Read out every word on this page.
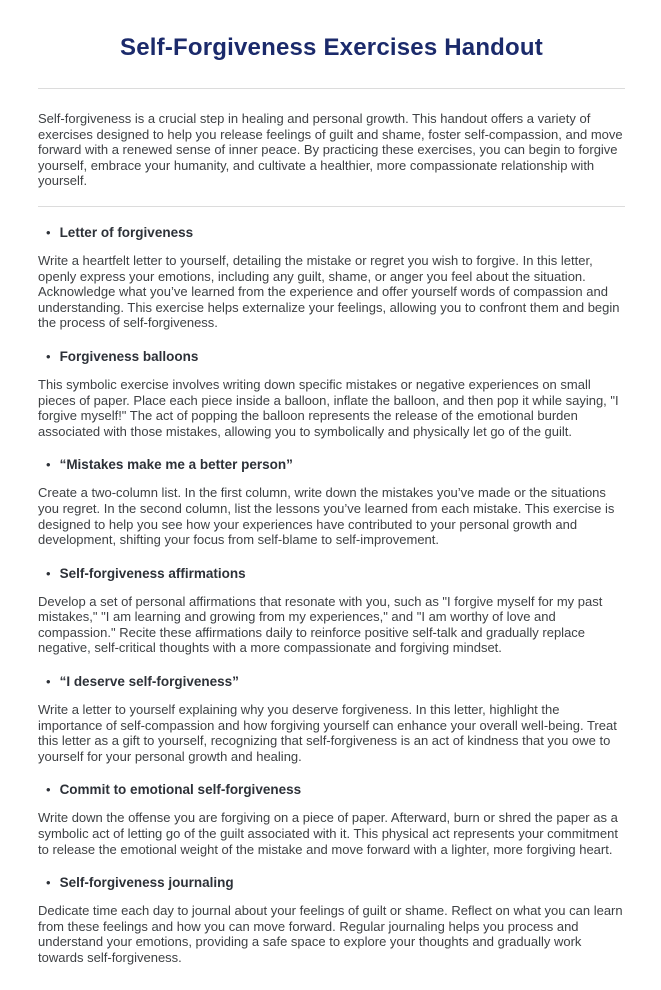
Self-Forgiveness Exercises Handout

Self-forgiveness is a crucial step in healing and personal growth. This handout offers a variety of exercises designed to help you release feelings of guilt and shame, foster self-compassion, and move forward with a renewed sense of inner peace. By practicing these exercises, you can begin to forgive yourself, embrace your humanity, and cultivate a healthier, more compassionate relationship with yourself.

• Letter of forgiveness

Write a heartfelt letter to yourself, detailing the mistake or regret you wish to forgive. In this letter, openly express your emotions, including any guilt, shame, or anger you feel about the situation. Acknowledge what you’ve learned from the experience and offer yourself words of compassion and understanding. This exercise helps externalize your feelings, allowing you to confront them and begin the process of self-forgiveness.

• Forgiveness balloons

This symbolic exercise involves writing down specific mistakes or negative experiences on small pieces of paper. Place each piece inside a balloon, inflate the balloon, and then pop it while saying, "I forgive myself!" The act of popping the balloon represents the release of the emotional burden associated with those mistakes, allowing you to symbolically and physically let go of the guilt.

• “Mistakes make me a better person”

Create a two-column list. In the first column, write down the mistakes you’ve made or the situations you regret. In the second column, list the lessons you’ve learned from each mistake. This exercise is designed to help you see how your experiences have contributed to your personal growth and development, shifting your focus from self-blame to self-improvement.

• Self-forgiveness affirmations

Develop a set of personal affirmations that resonate with you, such as "I forgive myself for my past mistakes," "I am learning and growing from my experiences," and "I am worthy of love and compassion." Recite these affirmations daily to reinforce positive self-talk and gradually replace negative, self-critical thoughts with a more compassionate and forgiving mindset.

• “I deserve self-forgiveness”

Write a letter to yourself explaining why you deserve forgiveness. In this letter, highlight the importance of self-compassion and how forgiving yourself can enhance your overall well-being. Treat this letter as a gift to yourself, recognizing that self-forgiveness is an act of kindness that you owe to yourself for your personal growth and healing.

• Commit to emotional self-forgiveness

Write down the offense you are forgiving on a piece of paper. Afterward, burn or shred the paper as a symbolic act of letting go of the guilt associated with it. This physical act represents your commitment to release the emotional weight of the mistake and move forward with a lighter, more forgiving heart.

• Self-forgiveness journaling

Dedicate time each day to journal about your feelings of guilt or shame. Reflect on what you can learn from these feelings and how you can move forward. Regular journaling helps you process and understand your emotions, providing a safe space to explore your thoughts and gradually work towards self-forgiveness.
